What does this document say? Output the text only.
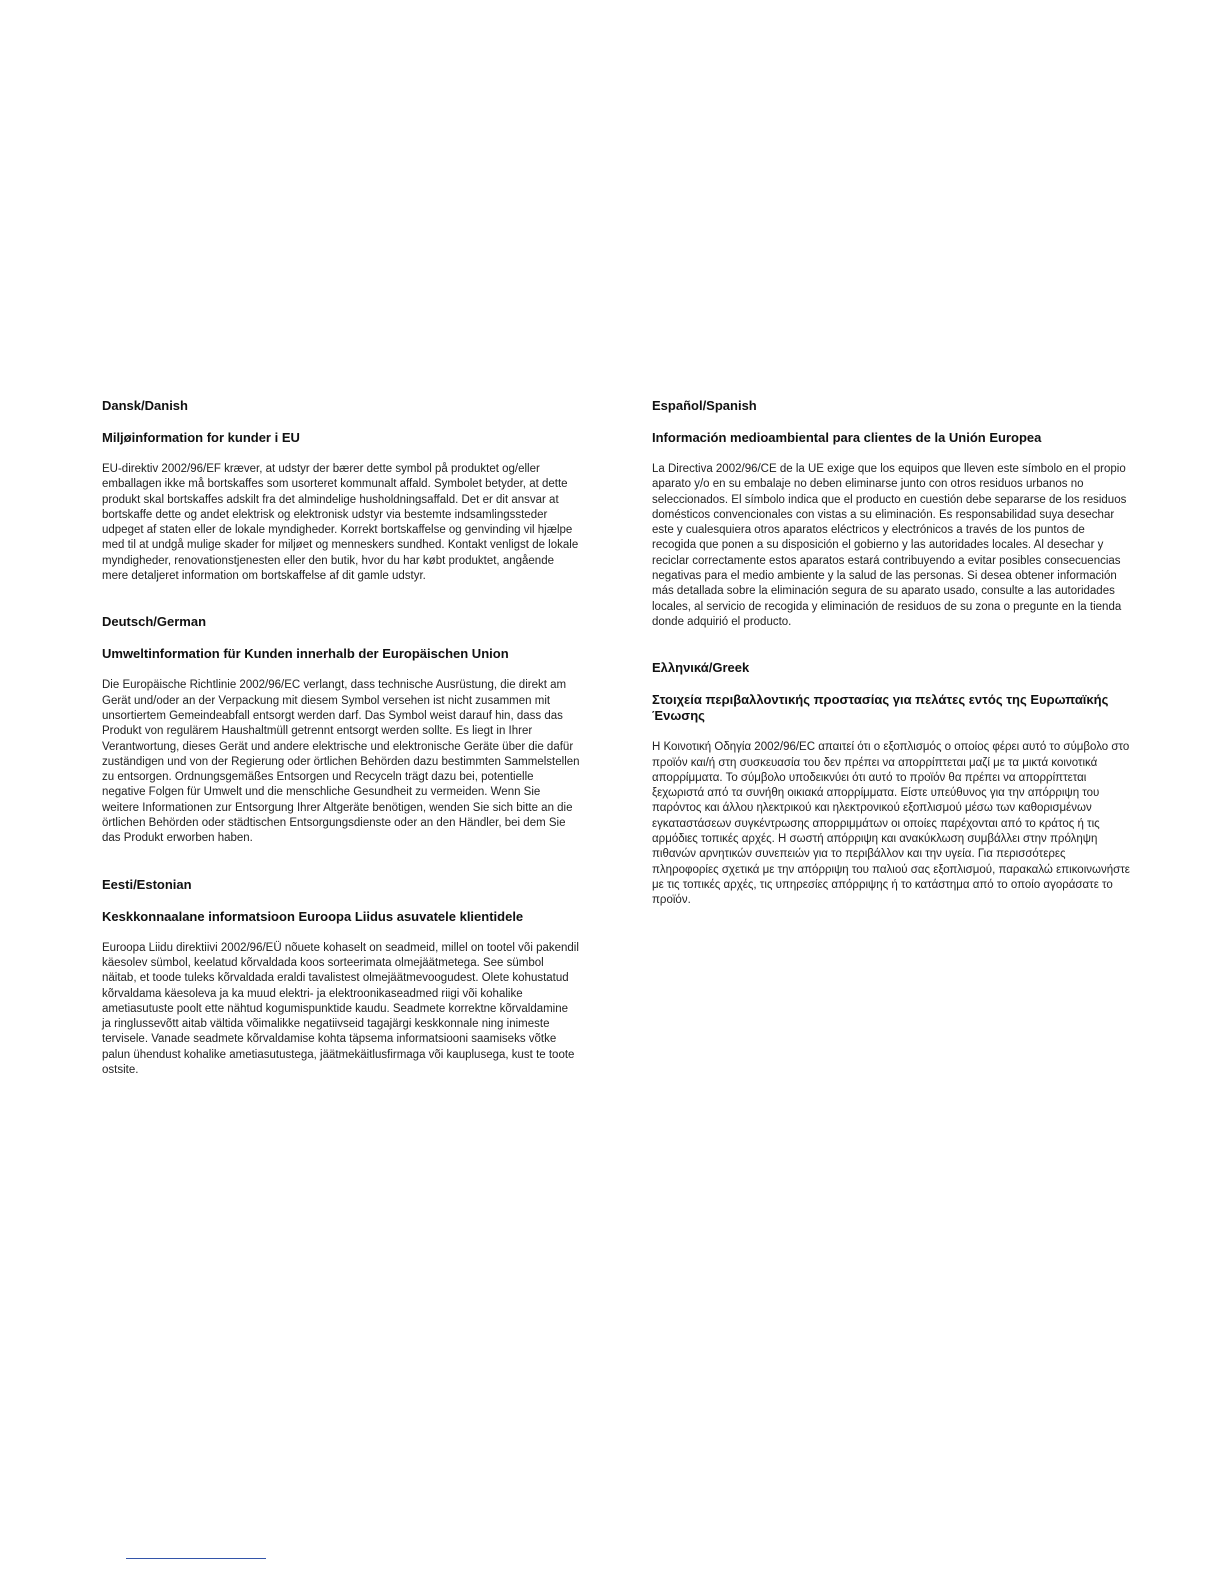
Dansk/Danish
Miljøinformation for kunder i EU

EU-direktiv 2002/96/EF kræver, at udstyr der bærer dette symbol på produktet og/eller emballagen ikke må bortskaffes som usorteret kommunalt affald. Symbolet betyder, at dette produkt skal bortskaffes adskilt fra det almindelige husholdningsaffald. Det er dit ansvar at bortskaffe dette og andet elektrisk og elektronisk udstyr via bestemte indsamlingssteder udpeget af staten eller de lokale myndigheder. Korrekt bortskaffelse og genvinding vil hjælpe med til at undgå mulige skader for miljøet og menneskers sundhed. Kontakt venligst de lokale myndigheder, renovationstjenesten eller den butik, hvor du har købt produktet, angående mere detaljeret information om bortskaffelse af dit gamle udstyr.

Deutsch/German
Umweltinformation für Kunden innerhalb der Europäischen Union

Die Europäische Richtlinie 2002/96/EC verlangt, dass technische Ausrüstung, die direkt am Gerät und/oder an der Verpackung mit diesem Symbol versehen ist nicht zusammen mit unsortiertem Gemeindeabfall entsorgt werden darf. Das Symbol weist darauf hin, dass das Produkt von regulärem Haushaltmüll getrennt entsorgt werden sollte. Es liegt in Ihrer Verantwortung, dieses Gerät und andere elektrische und elektronische Geräte über die dafür zuständigen und von der Regierung oder örtlichen Behörden dazu bestimmten Sammelstellen zu entsorgen. Ordnungsgemäßes Entsorgen und Recyceln trägt dazu bei, potentielle negative Folgen für Umwelt und die menschliche Gesundheit zu vermeiden. Wenn Sie weitere Informationen zur Entsorgung Ihrer Altgeräte benötigen, wenden Sie sich bitte an die örtlichen Behörden oder städtischen Entsorgungsdienste oder an den Händler, bei dem Sie das Produkt erworben haben.

Eesti/Estonian
Keskkonnaalane informatsioon Euroopa Liidus asuvatele klientidele

Euroopa Liidu direktiivi 2002/96/EÜ nõuete kohaselt on seadmeid, millel on tootel või pakendil käesolev sümbol, keelatud kõrvaldada koos sorteerimata olmejäätmetega. See sümbol näitab, et toode tuleks kõrvaldada eraldi tavalistest olmejäätmevoogudest. Olete kohustatud kõrvaldama käesoleva ja ka muud elektri- ja elektroonikaseadmed riigi või kohalike ametiasutuste poolt ette nähtud kogumispunktide kaudu. Seadmete korrektne kõrvaldamine ja ringlussevõtt aitab vältida võimalikke negatiivseid tagajärgi keskkonnale ning inimeste tervisele. Vanade seadmete kõrvaldamise kohta täpsema informatsiooni saamiseks võtke palun ühendust kohalike ametiasutustega, jäätmekäitlusfirmaga või kauplusega, kust te toote ostsite.

Español/Spanish
Información medioambiental para clientes de la Unión Europea

La Directiva 2002/96/CE de la UE exige que los equipos que lleven este símbolo en el propio aparato y/o en su embalaje no deben eliminarse junto con otros residuos urbanos no seleccionados. El símbolo indica que el producto en cuestión debe separarse de los residuos domésticos convencionales con vistas a su eliminación. Es responsabilidad suya desechar este y cualesquiera otros aparatos eléctricos y electrónicos a través de los puntos de recogida que ponen a su disposición el gobierno y las autoridades locales. Al desechar y reciclar correctamente estos aparatos estará contribuyendo a evitar posibles consecuencias negativas para el medio ambiente y la salud de las personas. Si desea obtener información más detallada sobre la eliminación segura de su aparato usado, consulte a las autoridades locales, al servicio de recogida y eliminación de residuos de su zona o pregunte en la tienda donde adquirió el producto.

Ελληνικά/Greek
Στοιχεία περιβαλλοντικής προστασίας για πελάτες εντός της Ευρωπαϊκής Ένωσης

Η Κοινοτική Οδηγία 2002/96/EC απαιτεί ότι ο εξοπλισμός ο οποίος φέρει αυτό το σύμβολο στο προϊόν και/ή στη συσκευασία του δεν πρέπει να απορρίπτεται μαζί με τα μικτά κοινοτικά απορρίμματα. Το σύμβολο υποδεικνύει ότι αυτό το προϊόν θα πρέπει να απορρίπτεται ξεχωριστά από τα συνήθη οικιακά απορρίμματα. Είστε υπεύθυνος για την απόρριψη του παρόντος και άλλου ηλεκτρικού και ηλεκτρονικού εξοπλισμού μέσω των καθορισμένων εγκαταστάσεων συγκέντρωσης απορριμμάτων οι οποίες παρέχονται από το κράτος ή τις αρμόδιες τοπικές αρχές. Η σωστή απόρριψη και ανακύκλωση συμβάλλει στην πρόληψη πιθανών αρνητικών συνεπειών για το περιβάλλον και την υγεία. Για περισσότερες πληροφορίες σχετικά με την απόρριψη του παλιού σας εξοπλισμού, παρακαλώ επικοινωνήστε με τις τοπικές αρχές, τις υπηρεσίες απόρριψης ή το κατάστημα από το οποίο αγοράσατε το προϊόν.
